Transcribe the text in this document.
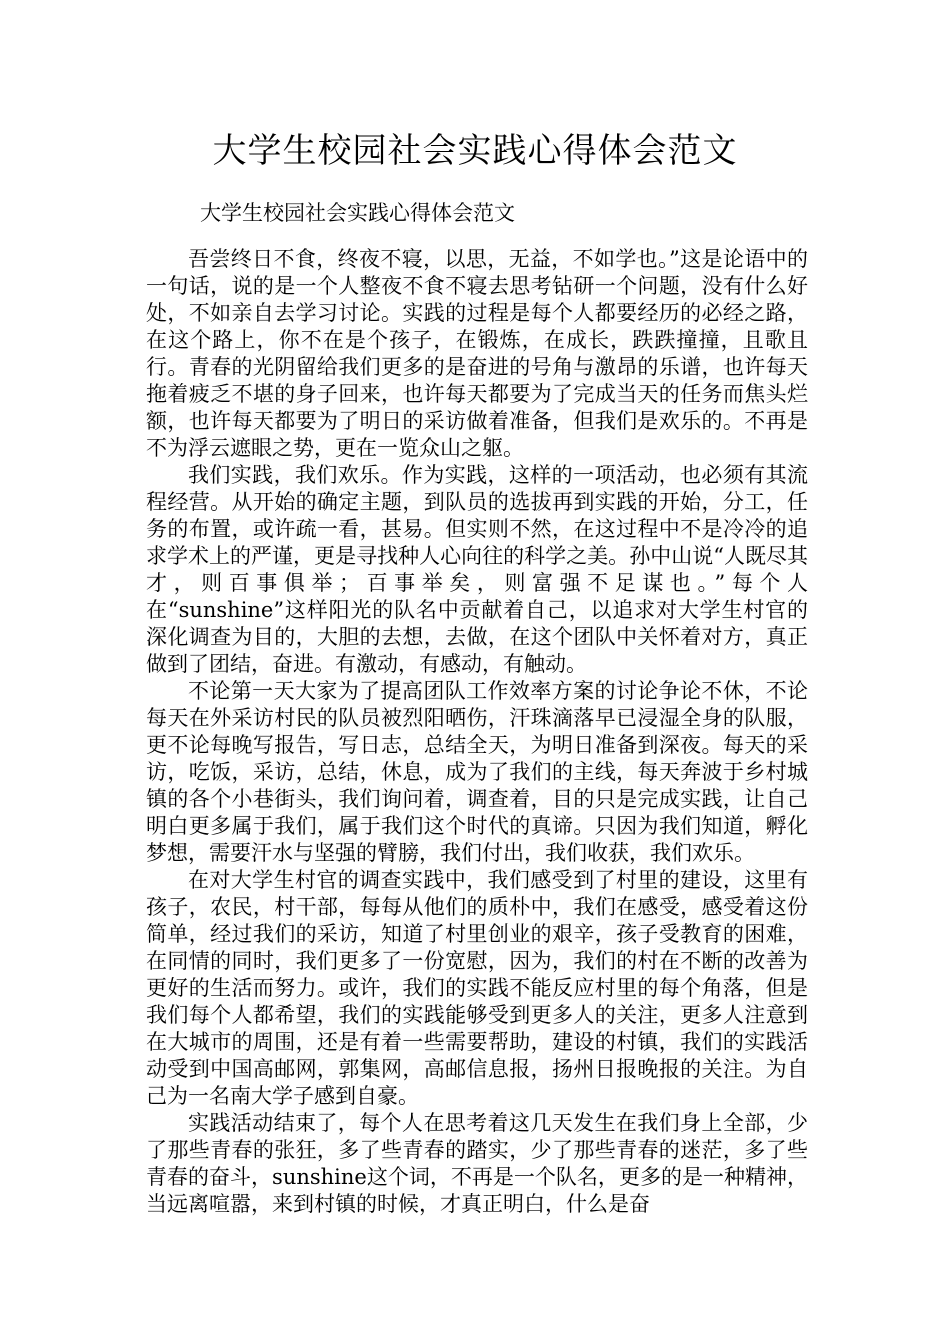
大学生校园社会实践心得体会范文

大学生校园社会实践心得体会范文

吾尝终日不食，终夜不寝，以思，无益，不如学也。”这是论语中的一句话，说的是一个人整夜不食不寝去思考钻研一个问题，没有什么好处，不如亲自去学习讨论。实践的过程是每个人都要经历的必经之路，在这个路上，你不在是个孩子，在锻炼，在成长，跌跌撞撞，且歌且行。青春的光阴留给我们更多的是奋进的号角与激昂的乐谱，也许每天拖着疲乏不堪的身子回来，也许每天都要为了完成当天的任务而焦头烂额，也许每天都要为了明日的采访做着准备，但我们是欢乐的。不再是不为浮云遮眼之势，更在一览众山之躯。

我们实践，我们欢乐。作为实践，这样的一项活动，也必须有其流程经营。从开始的确定主题，到队员的选拔再到实践的开始，分工，任务的布置，或许疏一看，甚易。但实则不然，在这过程中不是冷冷的追求学术上的严谨，更是寻找种人心向往的科学之美。孙中山说“人既尽其才，则百事俱举；百事举矣，则富强不足谋也。”每个人在“sunshine”这样阳光的队名中贡献着自己，以追求对大学生村官的深化调查为目的，大胆的去想，去做，在这个团队中关怀着对方，真正做到了团结，奋进。有激动，有感动，有触动。

不论第一天大家为了提高团队工作效率方案的讨论争论不休，不论每天在外采访村民的队员被烈阳晒伤，汗珠滴落早已浸湿全身的队服，更不论每晚写报告，写日志，总结全天，为明日准备到深夜。每天的采访，吃饭，采访，总结，休息，成为了我们的主线，每天奔波于乡村城镇的各个小巷街头，我们询问着，调查着，目的只是完成实践，让自己明白更多属于我们，属于我们这个时代的真谛。只因为我们知道，孵化梦想，需要汗水与坚强的臂膀，我们付出，我们收获，我们欢乐。

在对大学生村官的调查实践中，我们感受到了村里的建设，这里有孩子，农民，村干部，每每从他们的质朴中，我们在感受，感受着这份简单，经过我们的采访，知道了村里创业的艰辛，孩子受教育的困难，在同情的同时，我们更多了一份宽慰，因为，我们的村在不断的改善为更好的生活而努力。或许，我们的实践不能反应村里的每个角落，但是我们每个人都希望，我们的实践能够受到更多人的关注，更多人注意到在大城市的周围，还是有着一些需要帮助，建设的村镇，我们的实践活动受到中国高邮网，郭集网，高邮信息报，扬州日报晚报的关注。为自己为一名南大学子感到自豪。

实践活动结束了，每个人在思考着这几天发生在我们身上全部，少了那些青春的张狂，多了些青春的踏实，少了那些青春的迷茫，多了些青春的奋斗，sunshine这个词，不再是一个队名，更多的是一种精神，当远离喧嚣，来到村镇的时候，才真正明白，什么是奋
